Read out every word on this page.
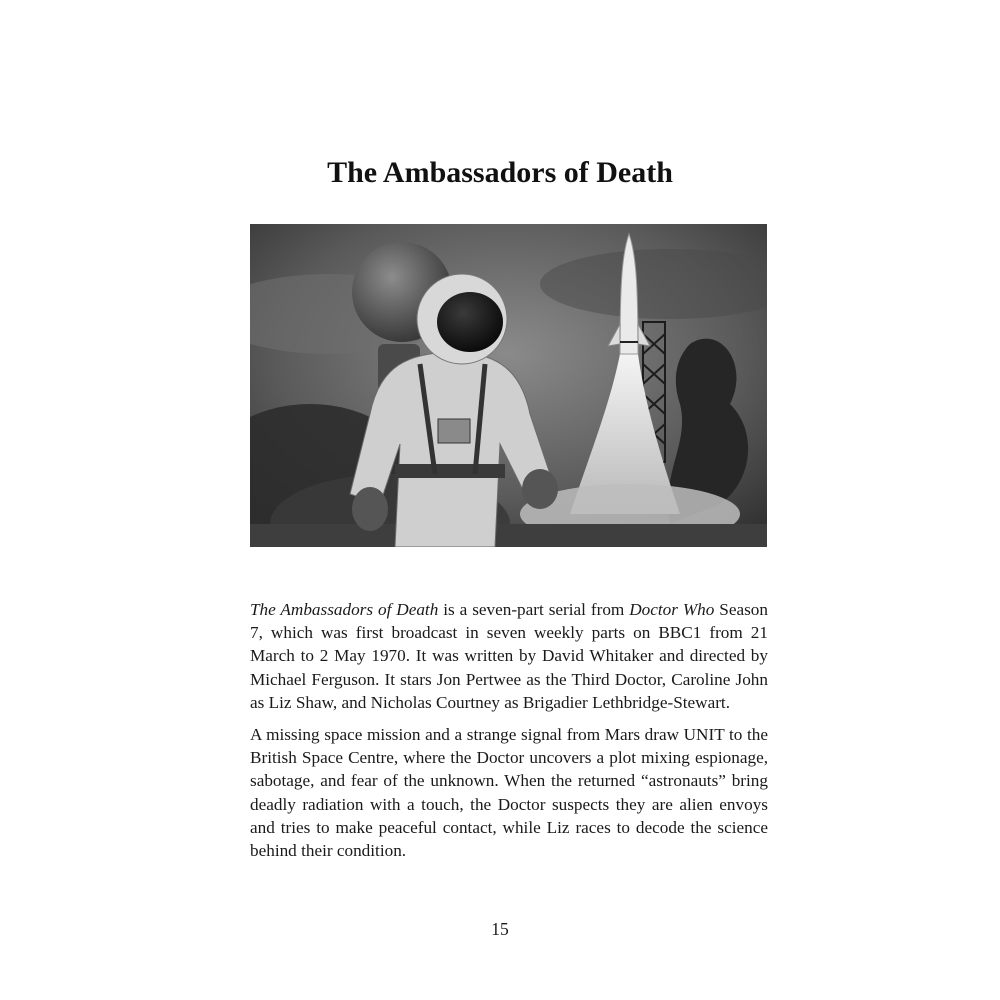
The Ambassadors of Death

The Ambassadors of Death is a seven-part serial from Doctor Who Season 7, which was first broadcast in seven weekly parts on BBC1 from 21 March to 2 May 1970. It was written by David Whitaker and directed by Michael Ferguson. It stars Jon Pertwee as the Third Doctor, Caroline John as Liz Shaw, and Nicholas Courtney as Brigadier Lethbridge-Stewart.

A missing space mission and a strange signal from Mars draw UNIT to the British Space Centre, where the Doctor uncovers a plot mixing espionage, sabotage, and fear of the unknown. When the returned “astronauts” bring deadly radiation with a touch, the Doctor suspects they are alien envoys and tries to make peaceful contact, while Liz races to decode the science behind their condition.

15
